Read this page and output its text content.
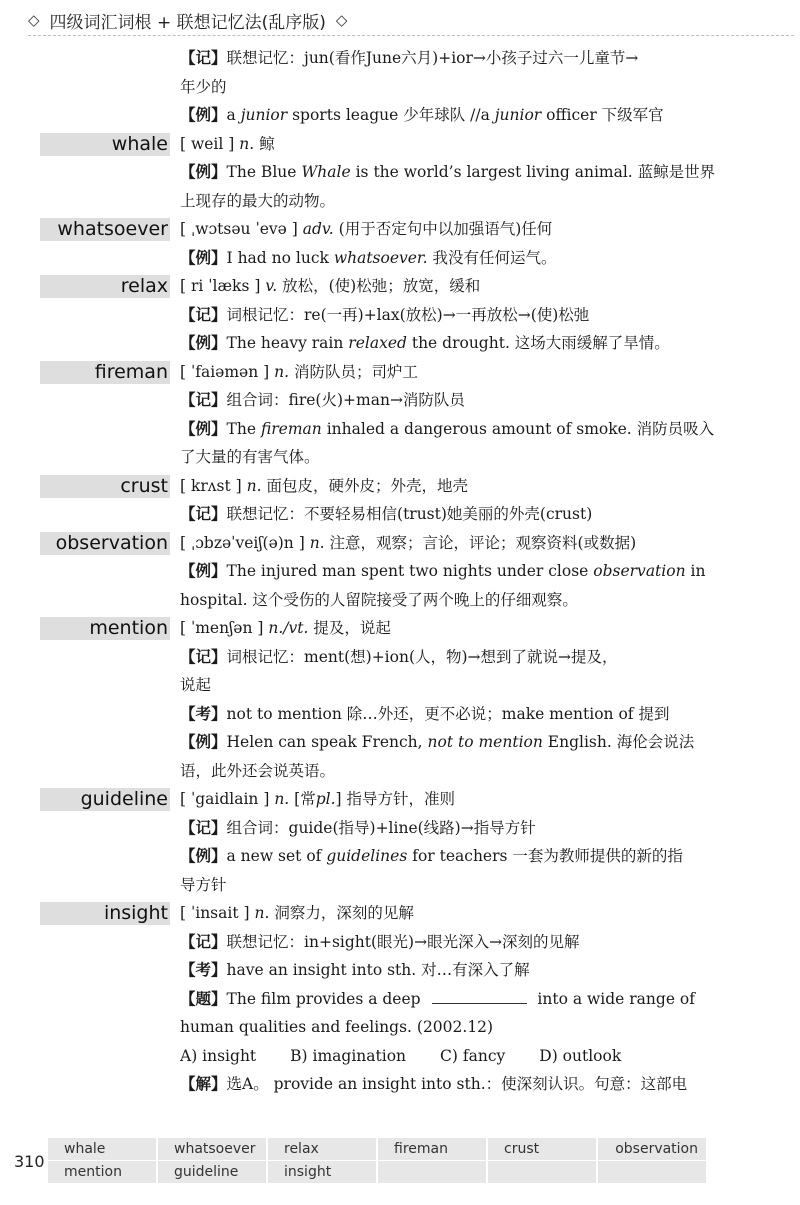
◇ 四级词汇词根 + 联想记忆法(乱序版) ◇
【记】联想记忆：jun(看作June六月)+ior→小孩子过六一儿童节→
年少的
【例】a junior sports league 少年球队 //a junior officer 下级军官
whale [ weil ] n. 鲸
【例】The Blue Whale is the world’s largest living animal. 蓝鲸是世界
上现存的最大的动物。
whatsoever [ ˌwɔtsəu ˈevə ] adv. (用于否定句中以加强语气)任何
【例】I had no luck whatsoever. 我没有任何运气。
relax [ ri ˈlæks ] v. 放松，(使)松弛；放宽，缓和
【记】词根记忆：re(一再)+lax(放松)→一再放松→(使)松弛
【例】The heavy rain relaxed the drought. 这场大雨缓解了旱情。
fireman [ ˈfaiəmən ] n. 消防队员；司炉工
【记】组合词：fire(火)+man→消防队员
【例】The fireman inhaled a dangerous amount of smoke. 消防员吸入
了大量的有害气体。
crust [ krʌst ] n. 面包皮，硬外皮；外壳，地壳
【记】联想记忆：不要轻易相信(trust)她美丽的外壳(crust)
observation [ ˌɔbzəˈveiʃ(ə)n ] n. 注意，观察；言论，评论；观察资料(或数据)
【例】The injured man spent two nights under close observation in
hospital. 这个受伤的人留院接受了两个晚上的仔细观察。
mention [ ˈmenʃən ] n./vt. 提及，说起
【记】词根记忆：ment(想)+ion(人，物)→想到了就说→提及，
说起
【考】not to mention 除…外还，更不必说；make mention of 提到
【例】Helen can speak French, not to mention English. 海伦会说法
语，此外还会说英语。
guideline [ ˈgaidlain ] n. [常pl.] 指导方针，准则
【记】组合词：guide(指导)+line(线路)→指导方针
【例】a new set of guidelines for teachers 一套为教师提供的新的指
导方针
insight [ ˈinsait ] n. 洞察力，深刻的见解
【记】联想记忆：in+sight(眼光)→眼光深入→深刻的见解
【考】have an insight into sth. 对…有深入了解
【题】The film provides a deep	into a wide range of
human qualities and feelings. (2002.12)
A) insight B) imagination C) fancy D) outlook
【解】选A。 provide an insight into sth.：使深刻认识。句意：这部电
310
whale	whatsoever	relax	fireman	crust	observation
mention	guideline	insight
